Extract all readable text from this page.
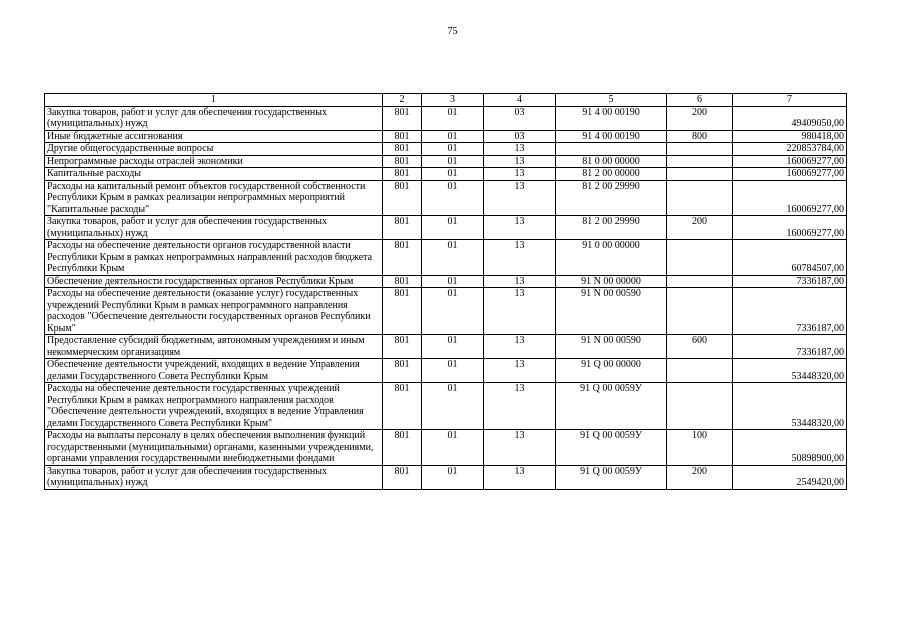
75
1	2	3	4	5	6	7
Закупка товаров, работ и услуг для обеспечения государственных (муниципальных) нужд	801	01	03	91 4 00 00190	200	49409050,00
Иные бюджетные ассигнования	801	01	03	91 4 00 00190	800	980418,00
Другие общегосударственные вопросы	801	01	13			220853784,00
Непрограммные расходы отраслей экономики	801	01	13	81 0 00 00000		160069277,00
Капитальные расходы	801	01	13	81 2 00 00000		160069277,00
Расходы на капитальный ремонт объектов государственной собственности Республики Крым в рамках реализации непрограммных мероприятий "Капитальные расходы"	801	01	13	81 2 00 29990		160069277,00
Закупка товаров, работ и услуг для обеспечения государственных (муниципальных) нужд	801	01	13	81 2 00 29990	200	160069277,00
Расходы на обеспечение деятельности органов государственной власти Республики Крым в рамках непрограммных направлений расходов бюджета Республики Крым	801	01	13	91 0 00 00000		60784507,00
Обеспечение деятельности государственных органов Республики Крым	801	01	13	91 N 00 00000		7336187,00
Расходы на обеспечение деятельности (оказание услуг) государственных учреждений Республики Крым в рамках непрограммного направления расходов "Обеспечение деятельности государственных органов Республики Крым"	801	01	13	91 N 00 00590		7336187,00
Предоставление субсидий бюджетным, автономным учреждениям и иным некоммерческим организациям	801	01	13	91 N 00 00590	600	7336187,00
Обеспечение деятельности учреждений, входящих в ведение Управления делами Государственного Совета Республики Крым	801	01	13	91 Q 00 00000		53448320,00
Расходы на обеспечение деятельности государственных учреждений Республики Крым в рамках непрограммного направления расходов "Обеспечение деятельности учреждений, входящих в ведение Управления делами Государственного Совета Республики Крым"	801	01	13	91 Q 00 0059У		53448320,00
Расходы на выплаты персоналу в целях обеспечения выполнения функций государственными (муниципальными) органами, казенными учреждениями, органами управления государственными внебюджетными фондами	801	01	13	91 Q 00 0059У	100	50898900,00
Закупка товаров, работ и услуг для обеспечения государственных (муниципальных) нужд	801	01	13	91 Q 00 0059У	200	2549420,00
